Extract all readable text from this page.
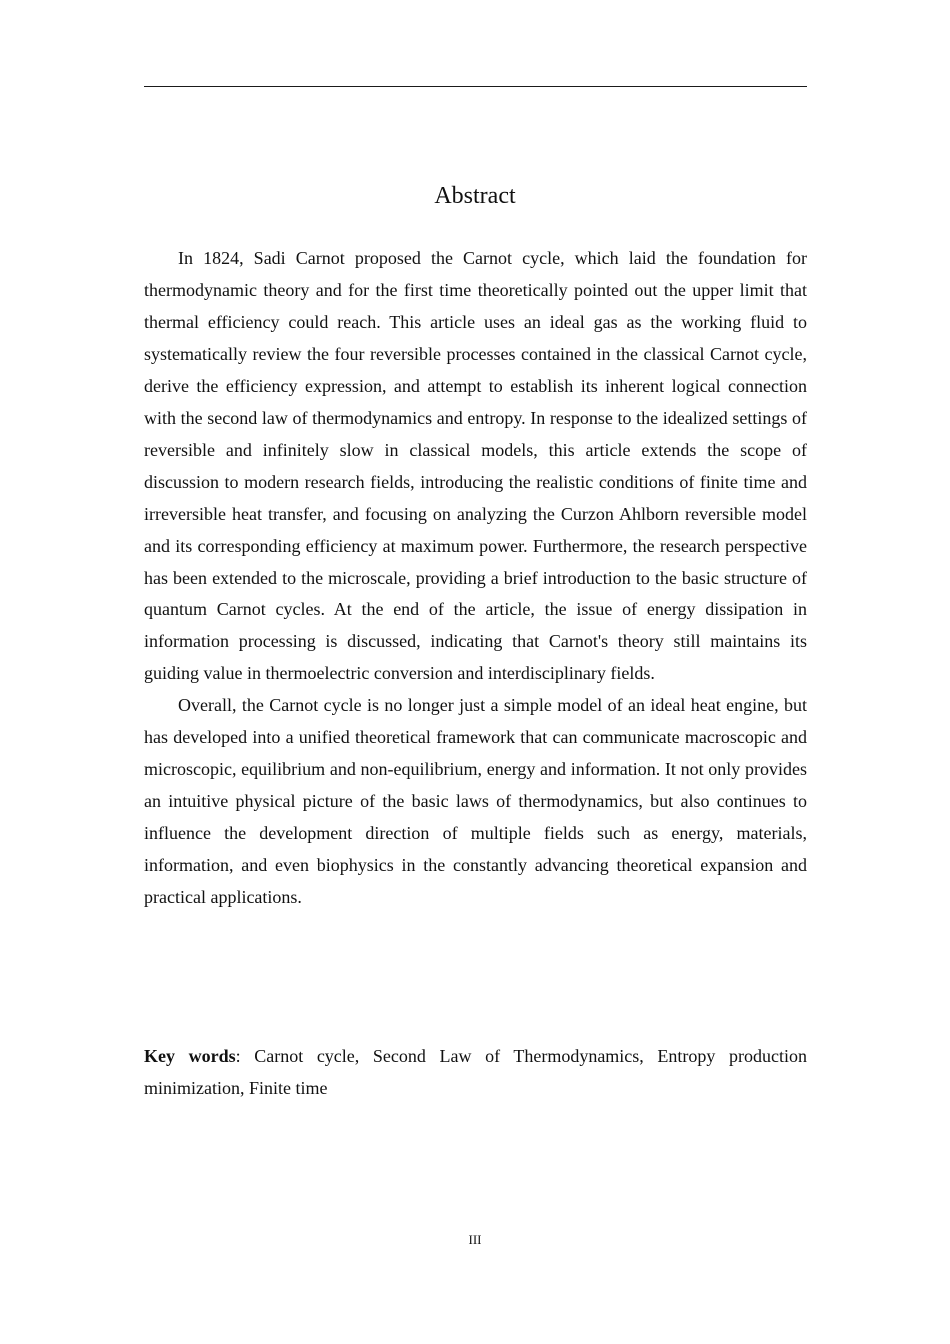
Abstract

In 1824, Sadi Carnot proposed the Carnot cycle, which laid the foundation for thermodynamic theory and for the first time theoretically pointed out the upper limit that thermal efficiency could reach. This article uses an ideal gas as the working fluid to systematically review the four reversible processes contained in the classical Carnot cycle, derive the efficiency expression, and attempt to establish its inherent logical connection with the second law of thermodynamics and entropy. In response to the idealized settings of reversible and infinitely slow in classical models, this article extends the scope of discussion to modern research fields, introducing the realistic conditions of finite time and irreversible heat transfer, and focusing on analyzing the Curzon Ahlborn reversible model and its corresponding efficiency at maximum power. Furthermore, the research perspective has been extended to the microscale, providing a brief introduction to the basic structure of quantum Carnot cycles. At the end of the article, the issue of energy dissipation in information processing is discussed, indicating that Carnot's theory still maintains its guiding value in thermoelectric conversion and interdisciplinary fields.

Overall, the Carnot cycle is no longer just a simple model of an ideal heat engine, but has developed into a unified theoretical framework that can communicate macroscopic and microscopic, equilibrium and non-equilibrium, energy and information. It not only provides an intuitive physical picture of the basic laws of thermodynamics, but also continues to influence the development direction of multiple fields such as energy, materials, information, and even biophysics in the constantly advancing theoretical expansion and practical applications.

Key words: Carnot cycle, Second Law of Thermodynamics, Entropy production minimization, Finite time

III
